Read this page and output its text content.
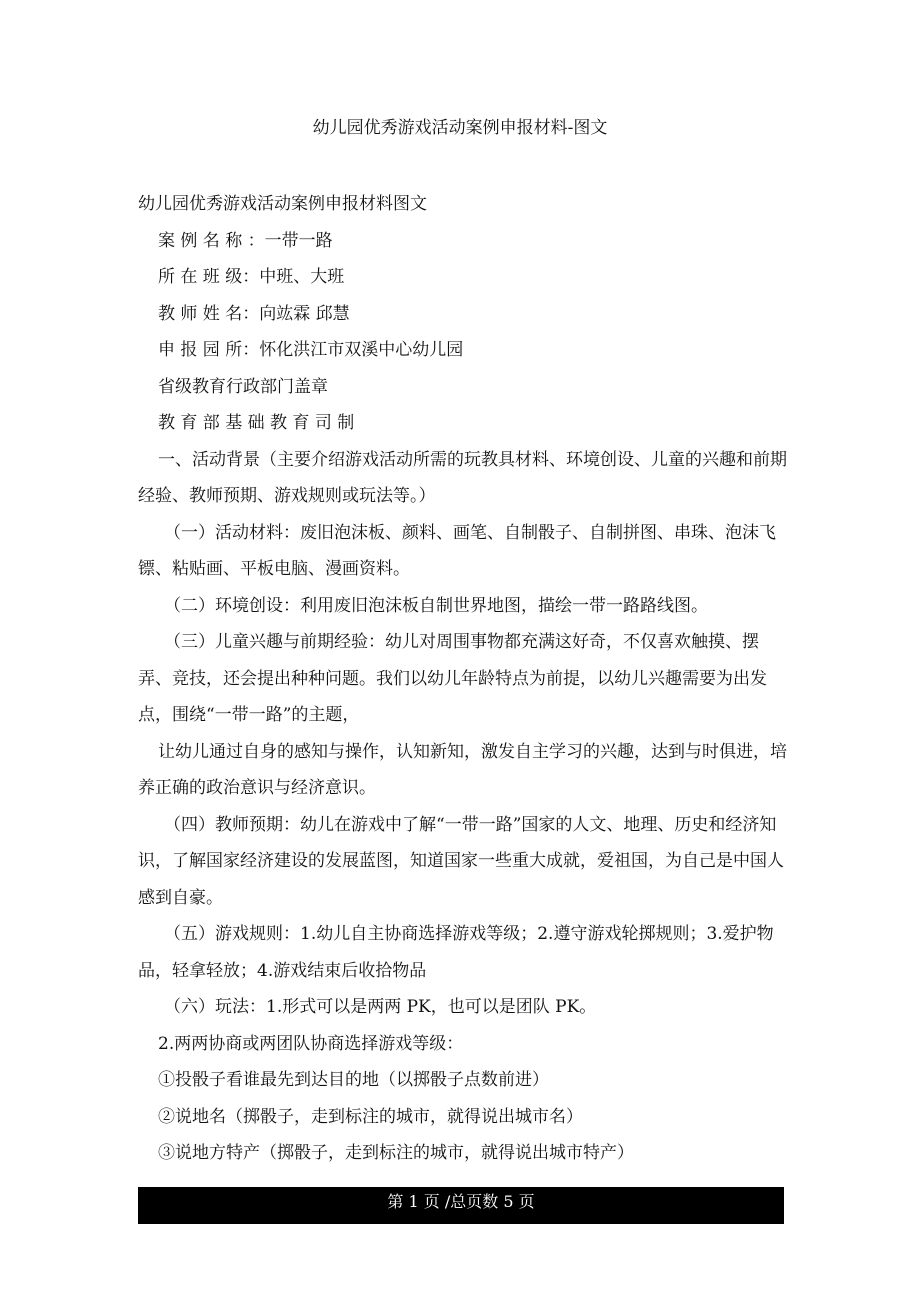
幼儿园优秀游戏活动案例申报材料-图文

幼儿园优秀游戏活动案例申报材料图文

案 例 名 称 ：一带一路

所 在 班 级：中班、大班

教 师 姓 名：向竑霖 邱慧

申 报 园 所：怀化洪江市双溪中心幼儿园

省级教育行政部门盖章

教 育 部 基 础 教 育 司 制

一、活动背景（主要介绍游戏活动所需的玩教具材料、环境创设、儿童的兴趣和前期经验、教师预期、游戏规则或玩法等。）

（一）活动材料：废旧泡沫板、颜料、画笔、自制骰子、自制拼图、串珠、泡沫飞镖、粘贴画、平板电脑、漫画资料。

（二）环境创设：利用废旧泡沫板自制世界地图，描绘一带一路路线图。

（三）儿童兴趣与前期经验：幼儿对周围事物都充满这好奇，不仅喜欢触摸、摆弄、竞技，还会提出种种问题。我们以幼儿年龄特点为前提，以幼儿兴趣需要为出发点，围绕“一带一路”的主题，

让幼儿通过自身的感知与操作，认知新知，激发自主学习的兴趣，达到与时俱进，培养正确的政治意识与经济意识。

（四）教师预期：幼儿在游戏中了解“一带一路”国家的人文、地理、历史和经济知识，了解国家经济建设的发展蓝图，知道国家一些重大成就，爱祖国，为自己是中国人感到自豪。

（五）游戏规则：1.幼儿自主协商选择游戏等级；2.遵守游戏轮掷规则；3.爱护物品，轻拿轻放；4.游戏结束后收拾物品

（六）玩法：1.形式可以是两两 PK，也可以是团队 PK。

2.两两协商或两团队协商选择游戏等级：

①投骰子看谁最先到达目的地（以掷骰子点数前进）

②说地名（掷骰子，走到标注的城市，就得说出城市名）

③说地方特产（掷骰子，走到标注的城市，就得说出城市特产）

第 1 页 /总页数 5 页
